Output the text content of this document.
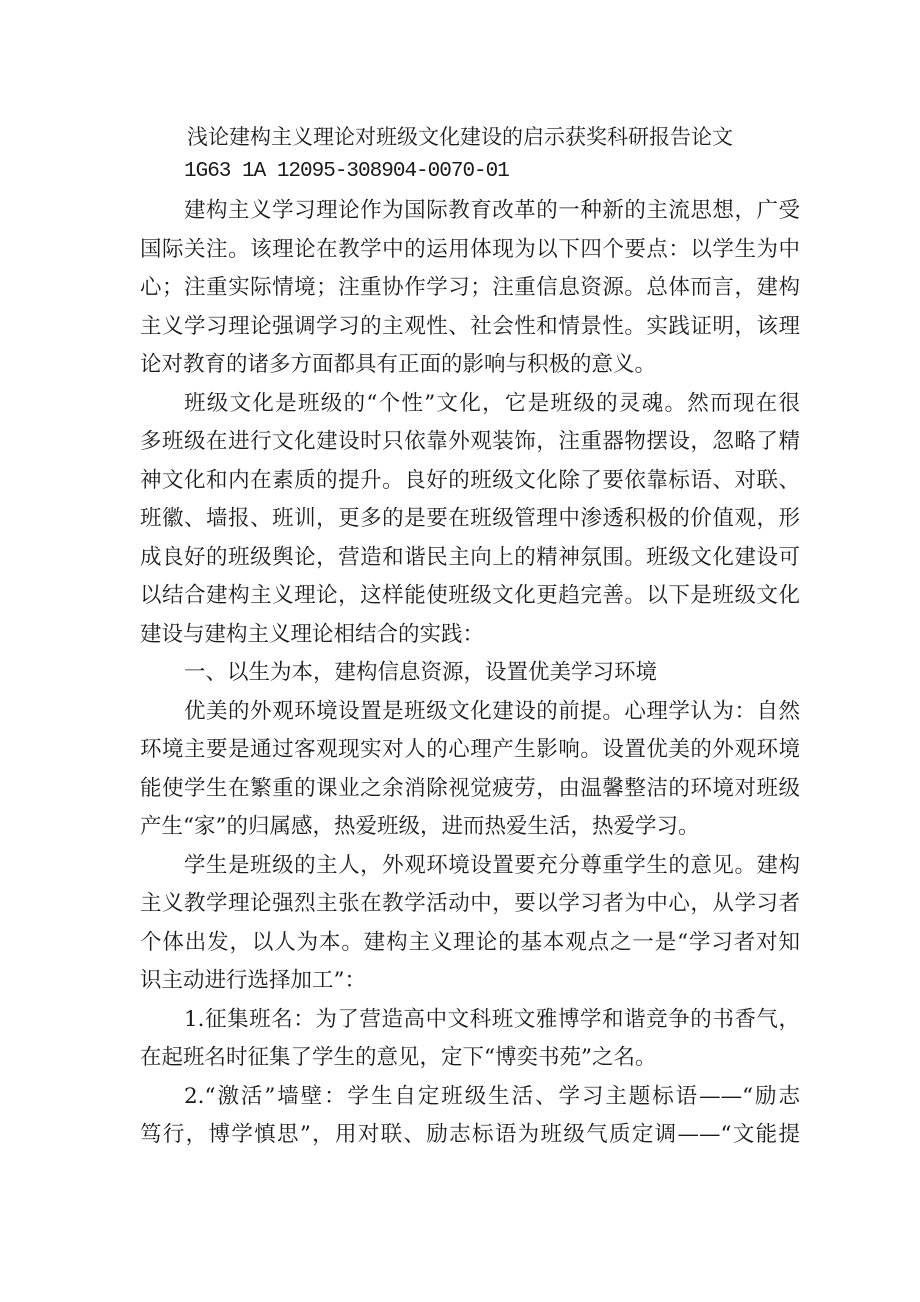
浅论建构主义理论对班级文化建设的启示获奖科研报告论文
1G63 1A 12095-308904-0070-01
建构主义学习理论作为国际教育改革的一种新的主流思想，广受
国际关注。该理论在教学中的运用体现为以下四个要点：以学生为中
心；注重实际情境；注重协作学习；注重信息资源。总体而言，建构
主义学习理论强调学习的主观性、社会性和情景性。实践证明，该理
论对教育的诸多方面都具有正面的影响与积极的意义。
班级文化是班级的“个性”文化，它是班级的灵魂。然而现在很
多班级在进行文化建设时只依靠外观装饰，注重器物摆设，忽略了精
神文化和内在素质的提升。良好的班级文化除了要依靠标语、对联、
班徽、墙报、班训，更多的是要在班级管理中渗透积极的价值观，形
成良好的班级舆论，营造和谐民主向上的精神氛围。班级文化建设可
以结合建构主义理论，这样能使班级文化更趋完善。以下是班级文化
建设与建构主义理论相结合的实践：
一、以生为本，建构信息资源，设置优美学习环境
优美的外观环境设置是班级文化建设的前提。心理学认为：自然
环境主要是通过客观现实对人的心理产生影响。设置优美的外观环境
能使学生在繁重的课业之余消除视觉疲劳，由温馨整洁的环境对班级
产生“家”的归属感，热爱班级，进而热爱生活，热爱学习。
学生是班级的主人，外观环境设置要充分尊重学生的意见。建构
主义教学理论强烈主张在教学活动中，要以学习者为中心，从学习者
个体出发，以人为本。建构主义理论的基本观点之一是“学习者对知
识主动进行选择加工”：
1.征集班名：为了营造高中文科班文雅博学和谐竞争的书香气，
在起班名时征集了学生的意见，定下“博奕书苑”之名。
2.“激活”墙壁：学生自定班级生活、学习主题标语——“励志
笃行，博学慎思”，用对联、励志标语为班级气质定调——“文能提
